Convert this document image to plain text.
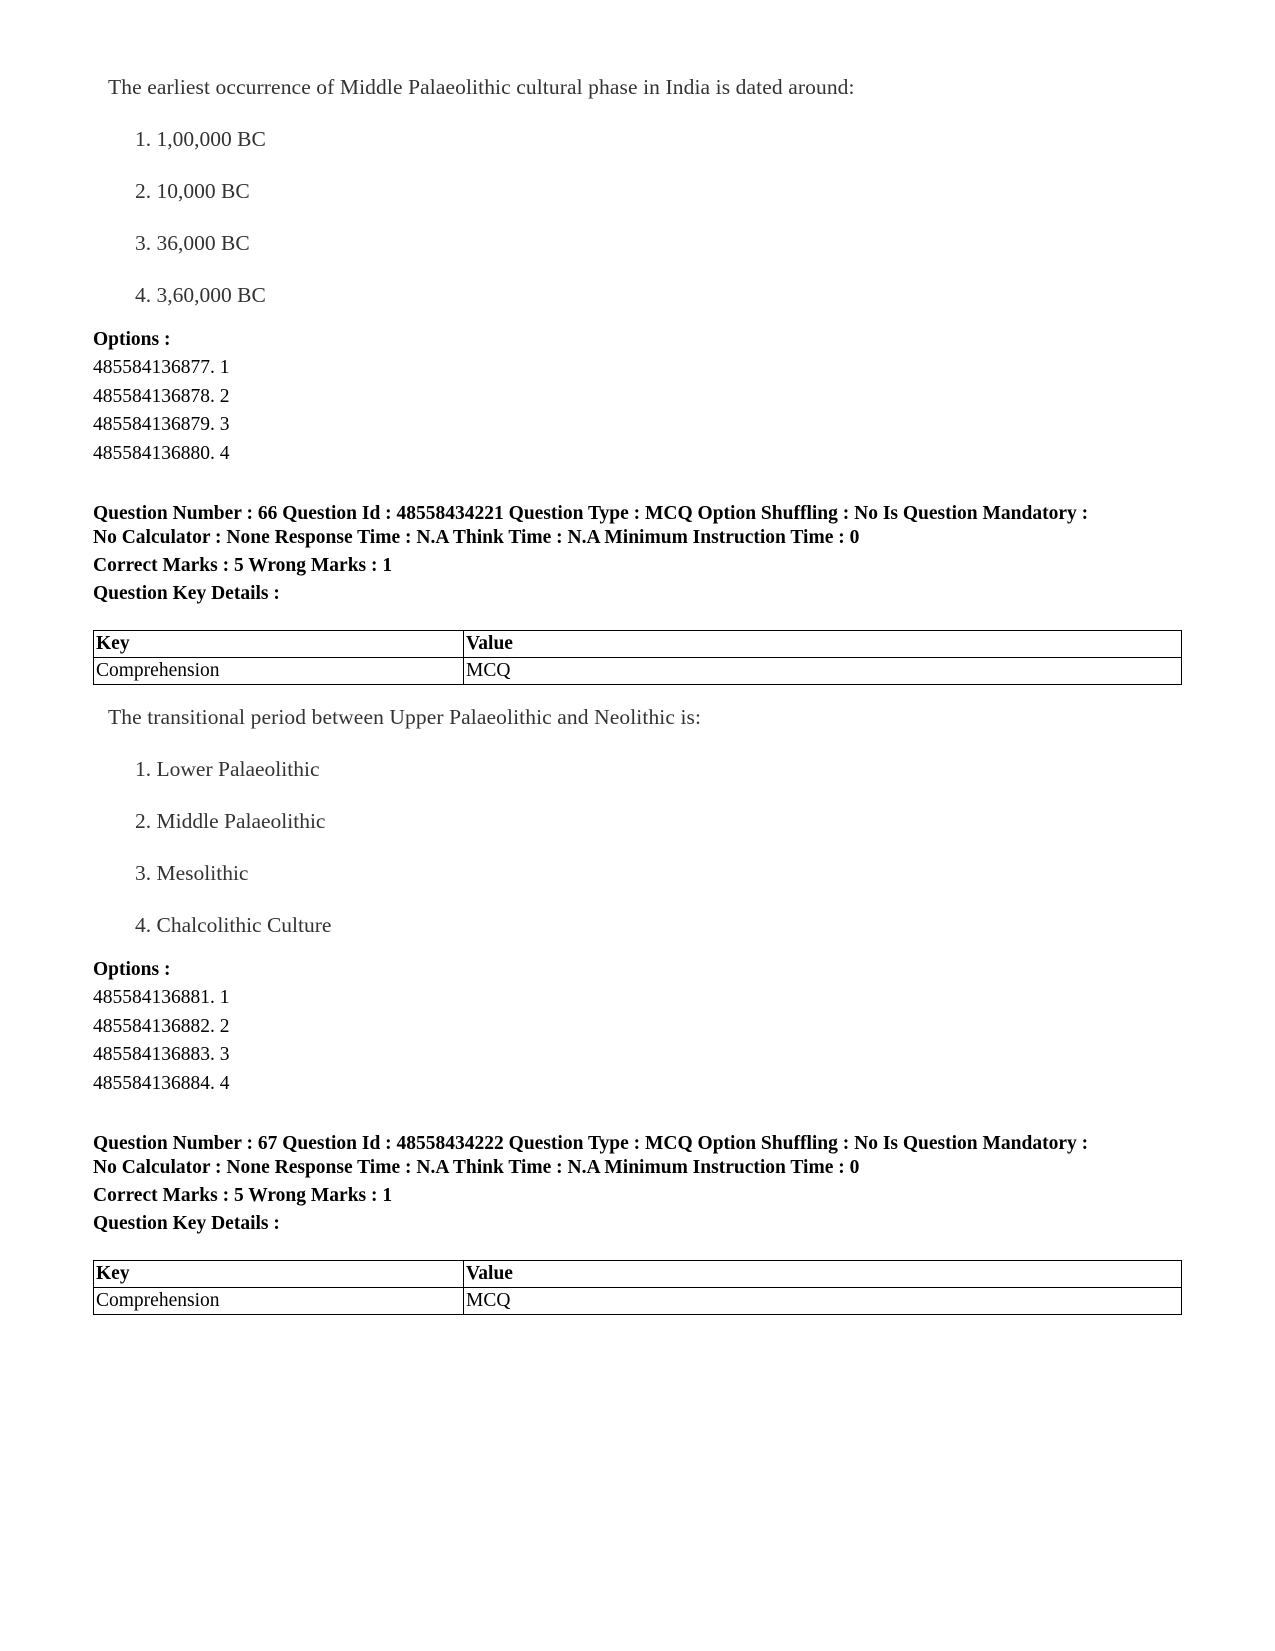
The earliest occurrence of Middle Palaeolithic cultural phase in India is dated around:

1. 1,00,000 BC
2. 10,000 BC
3. 36,000 BC
4. 3,60,000 BC
Options :
485584136877. 1
485584136878. 2
485584136879. 3
485584136880. 4
Question Number : 66 Question Id : 48558434221 Question Type : MCQ Option Shuffling : No Is Question Mandatory :
No Calculator : None Response Time : N.A Think Time : N.A Minimum Instruction Time : 0
Correct Marks : 5 Wrong Marks : 1
Question Key Details :
Key	Value
Comprehension	MCQ

The transitional period between Upper Palaeolithic and Neolithic is:

1. Lower Palaeolithic
2. Middle Palaeolithic
3. Mesolithic
4. Chalcolithic Culture
Options :
485584136881. 1
485584136882. 2
485584136883. 3
485584136884. 4
Question Number : 67 Question Id : 48558434222 Question Type : MCQ Option Shuffling : No Is Question Mandatory :
No Calculator : None Response Time : N.A Think Time : N.A Minimum Instruction Time : 0
Correct Marks : 5 Wrong Marks : 1
Question Key Details :
Key	Value
Comprehension	MCQ
